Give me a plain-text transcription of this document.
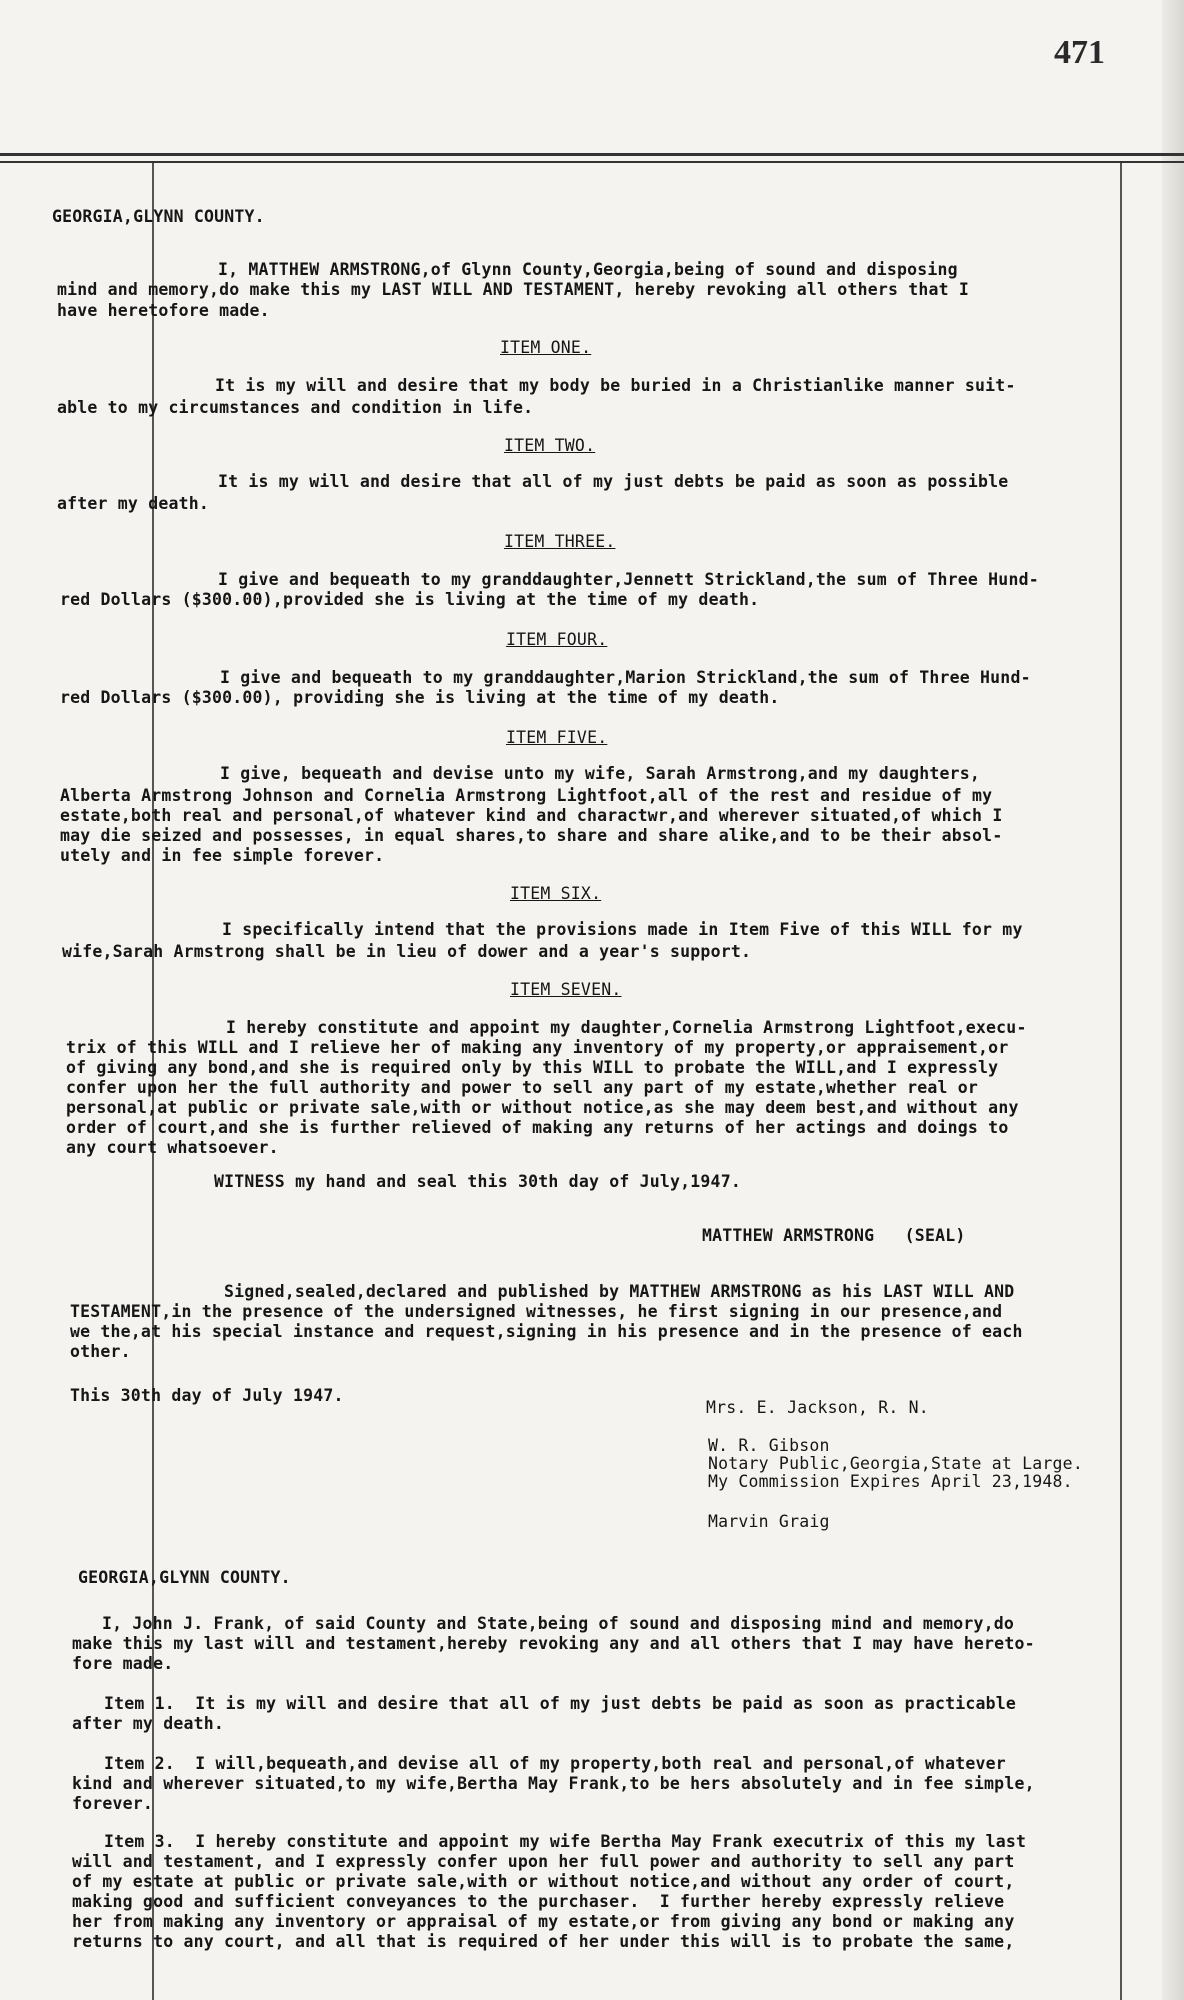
471
GEORGIA,GLYNN COUNTY.
I, MATTHEW ARMSTRONG,of Glynn County,Georgia,being of sound and disposing
mind and memory,do make this my LAST WILL AND TESTAMENT, hereby revoking all others that I
have heretofore made.
ITEM ONE.
It is my will and desire that my body be buried in a Christianlike manner suit-
able to my circumstances and condition in life.
ITEM TWO.
It is my will and desire that all of my just debts be paid as soon as possible
after my death.
ITEM THREE.
I give and bequeath to my granddaughter,Jennett Strickland,the sum of Three Hund-
red Dollars ($300.00),provided she is living at the time of my death.
ITEM FOUR.
I give and bequeath to my granddaughter,Marion Strickland,the sum of Three Hund-
red Dollars ($300.00), providing she is living at the time of my death.
ITEM FIVE.
I give, bequeath and devise unto my wife, Sarah Armstrong,and my daughters,
Alberta Armstrong Johnson and Cornelia Armstrong Lightfoot,all of the rest and residue of my
estate,both real and personal,of whatever kind and charactwr,and wherever situated,of which I
may die seized and possesses, in equal shares,to share and share alike,and to be their absol-
utely and in fee simple forever.
ITEM SIX.
I specifically intend that the provisions made in Item Five of this WILL for my
wife,Sarah Armstrong shall be in lieu of dower and a year's support.
ITEM SEVEN.
I hereby constitute and appoint my daughter,Cornelia Armstrong Lightfoot,execu-
trix of this WILL and I relieve her of making any inventory of my property,or appraisement,or
of giving any bond,and she is required only by this WILL to probate the WILL,and I expressly
confer upon her the full authority and power to sell any part of my estate,whether real or
personal,at public or private sale,with or without notice,as she may deem best,and without any
order of court,and she is further relieved of making any returns of her actings and doings to
any court whatsoever.
WITNESS my hand and seal this 30th day of July,1947.
MATTHEW ARMSTRONG   (SEAL)
Signed,sealed,declared and published by MATTHEW ARMSTRONG as his LAST WILL AND
TESTAMENT,in the presence of the undersigned witnesses, he first signing in our presence,and
we the,at his special instance and request,signing in his presence and in the presence of each
other.
This 30th day of July 1947.
Mrs. E. Jackson, R. N.
W. R. Gibson
Notary Public,Georgia,State at Large.
My Commission Expires April 23,1948.
Marvin Graig
GEORGIA,GLYNN COUNTY.
I, John J. Frank, of said County and State,being of sound and disposing mind and memory,do
make this my last will and testament,hereby revoking any and all others that I may have hereto-
fore made.
Item 1.  It is my will and desire that all of my just debts be paid as soon as practicable
after my death.
Item 2.  I will,bequeath,and devise all of my property,both real and personal,of whatever
kind and wherever situated,to my wife,Bertha May Frank,to be hers absolutely and in fee simple,
forever.
Item 3.  I hereby constitute and appoint my wife Bertha May Frank executrix of this my last
will and testament, and I expressly confer upon her full power and authority to sell any part
of my estate at public or private sale,with or without notice,and without any order of court,
making good and sufficient conveyances to the purchaser.  I further hereby expressly relieve
her from making any inventory or appraisal of my estate,or from giving any bond or making any
returns to any court, and all that is required of her under this will is to probate the same,
